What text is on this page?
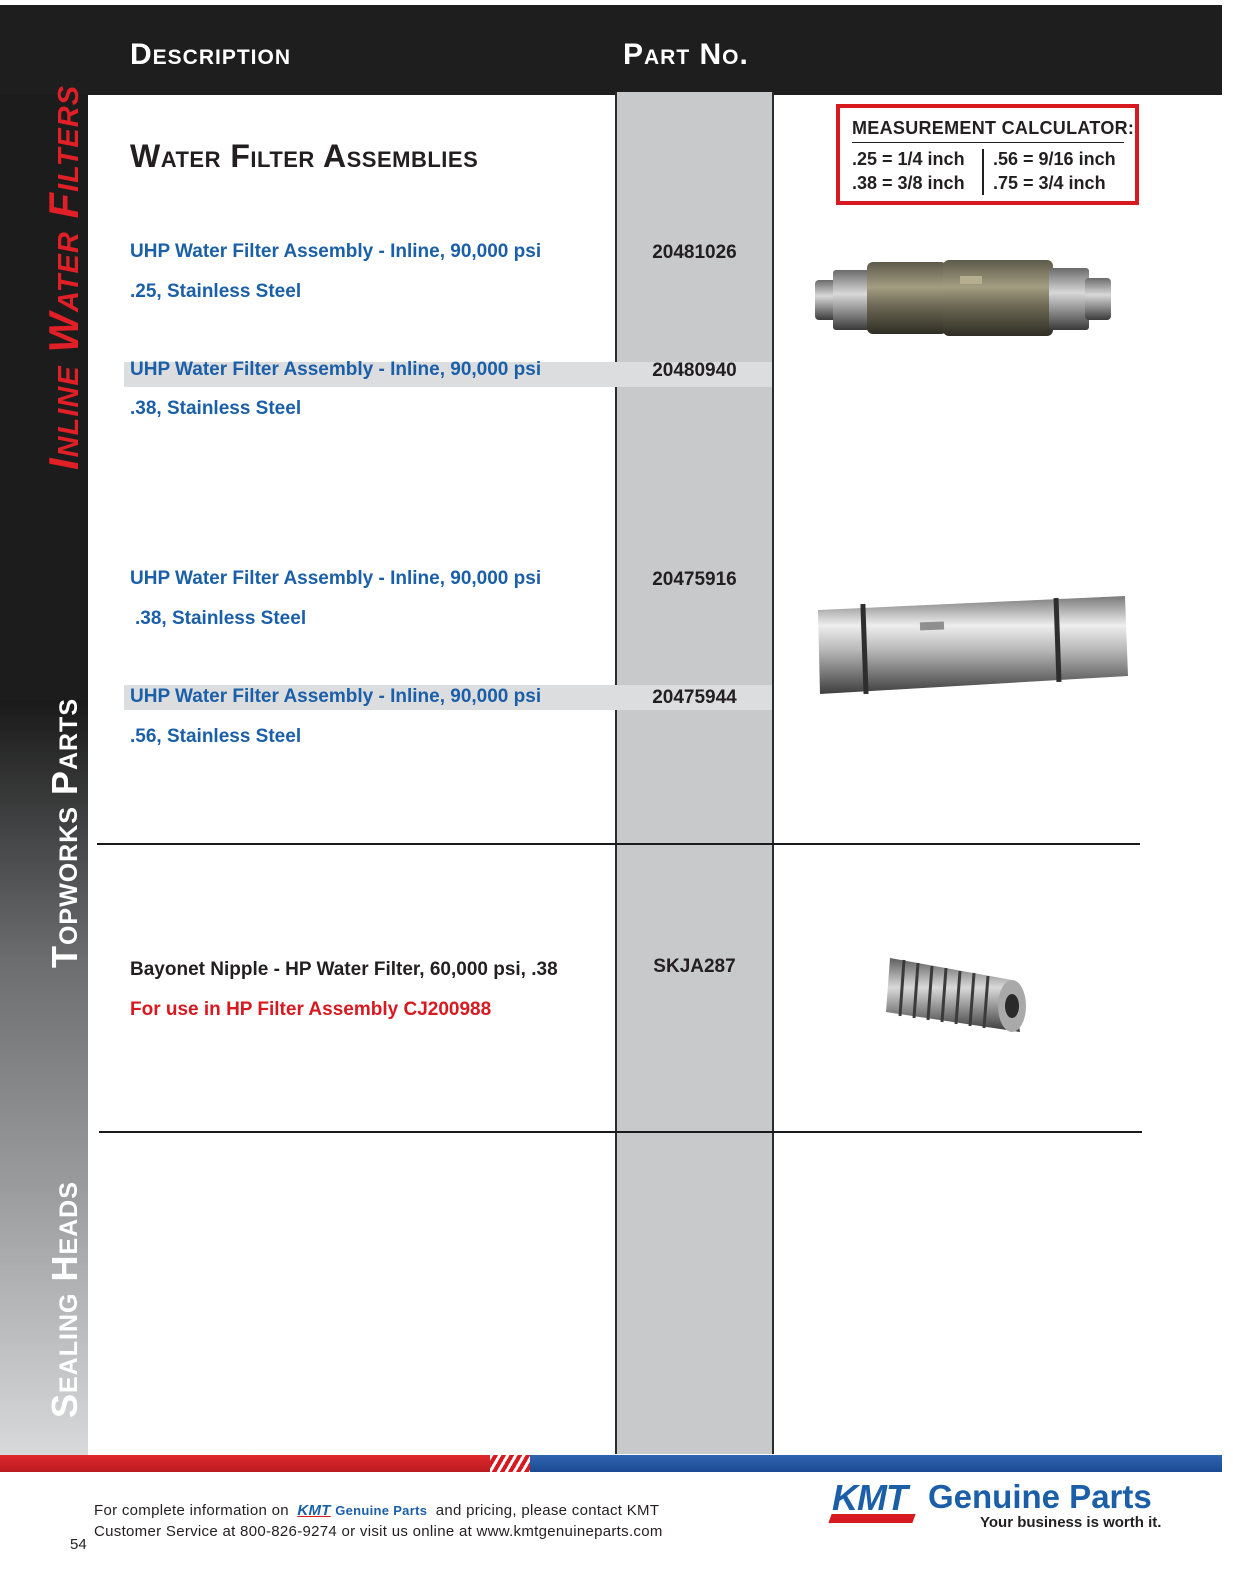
Description	Part No.
Inline Water Filters
Topworks Parts
Sealing Heads
Water Filter Assemblies
UHP Water Filter Assembly - Inline, 90,000 psi
.25, Stainless Steel
20481026
UHP Water Filter Assembly - Inline, 90,000 psi
.38, Stainless Steel
20480940
UHP Water Filter Assembly - Inline, 90,000 psi
.38, Stainless Steel
20475916
UHP Water Filter Assembly - Inline, 90,000 psi
.56, Stainless Steel
20475944
Bayonet Nipple - HP Water Filter, 60,000 psi, .38
For use in HP Filter Assembly CJ200988
SKJA287
MEASUREMENT CALCULATOR:
.25 = 1/4 inch
.38 = 3/8 inch
.56 = 9/16 inch
.75 = 3/4 inch
For complete information on KMT Genuine Parts and pricing, please contact KMT
Customer Service at 800-826-9274 or visit us online at www.kmtgenuineparts.com
KMT Genuine Parts
Your business is worth it.
54
